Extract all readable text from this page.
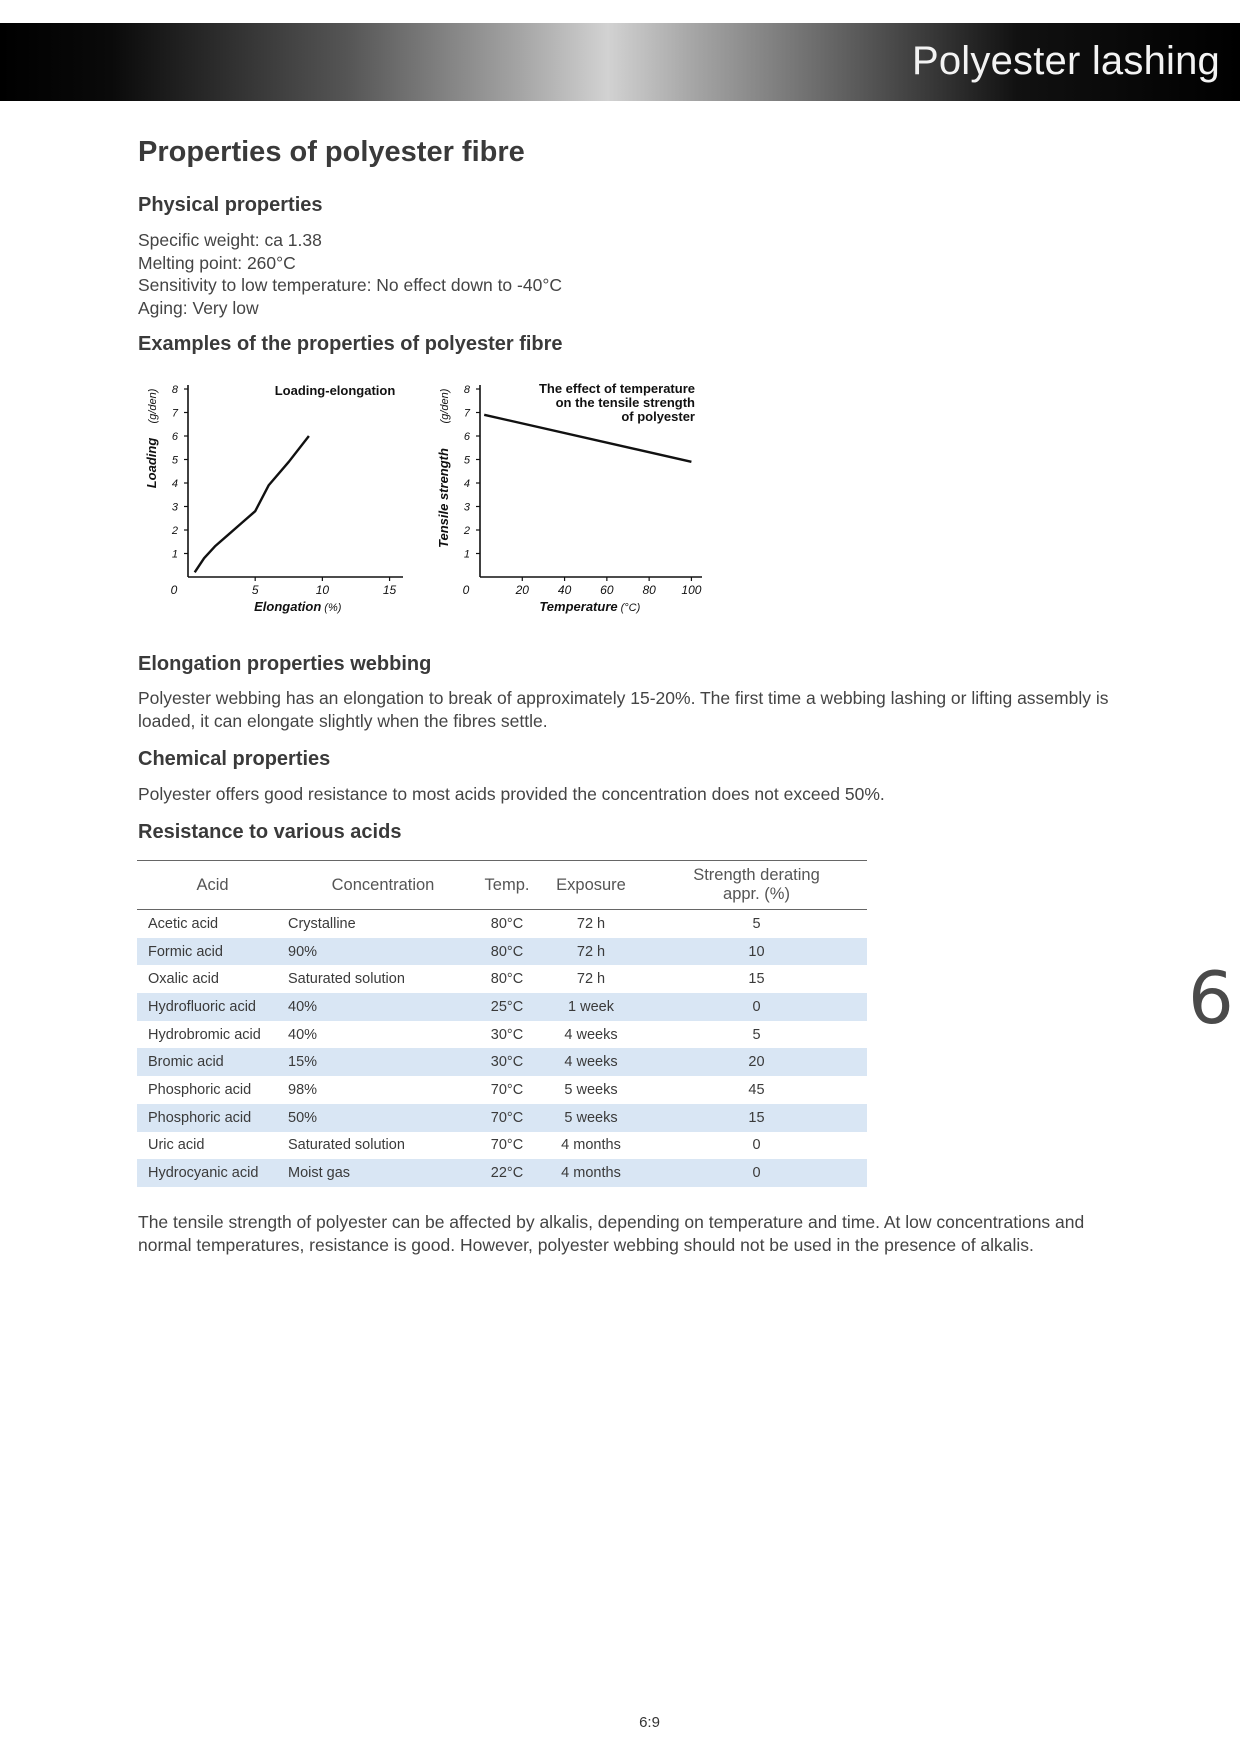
Polyester lashing
Properties of polyester fibre
Physical properties
Specific weight: ca 1.38
Melting point: 260°C
Sensitivity to low temperature: No effect down to -40°C
Aging: Very low
Examples of the properties of polyester fibre
1
2
3
4
5
6
7
8
0	5	10	15
Elongation (%)
Loading
(g/den)	Loading-elongation
1
2
3
4
5
6
7
8
0	20 40 60 80 100
Temperature (°C)
Tensile strength
(g/den)
The effect of temperature
on the tensile strength
of polyester
Elongation properties webbing
Polyester webbing has an elongation to break of approximately 15-20%. The first time a webbing lashing or lifting assembly is loaded, it can elongate slightly when the fibres settle.
Chemical properties
Polyester offers good resistance to most acids provided the concentration does not exceed 50%.
Resistance to various acids
Acid	Concentration	Temp.	Exposure	Strength derating appr. (%)

Acetic acid	Crystalline	80°C	72 h	5
Formic acid	90%	80°C	72 h	10
Oxalic acid	Saturated solution	80°C	72 h	15
Hydrofluoric acid	40%	25°C	1 week	0
Hydrobromic acid	40%	30°C	4 weeks	5
Bromic acid	15%	30°C	4 weeks	20
Phosphoric acid	98%	70°C	5 weeks	45
Phosphoric acid	50%	70°C	5 weeks	15
Uric acid	Saturated solution	70°C	4 months	0
Hydrocyanic acid	Moist gas	22°C	4 months	0
The tensile strength of polyester can be affected by alkalis, depending on temperature and time. At low concentrations and normal temperatures, resistance is good. However, polyester webbing should not be used in the presence of alkalis.
6
6:9
